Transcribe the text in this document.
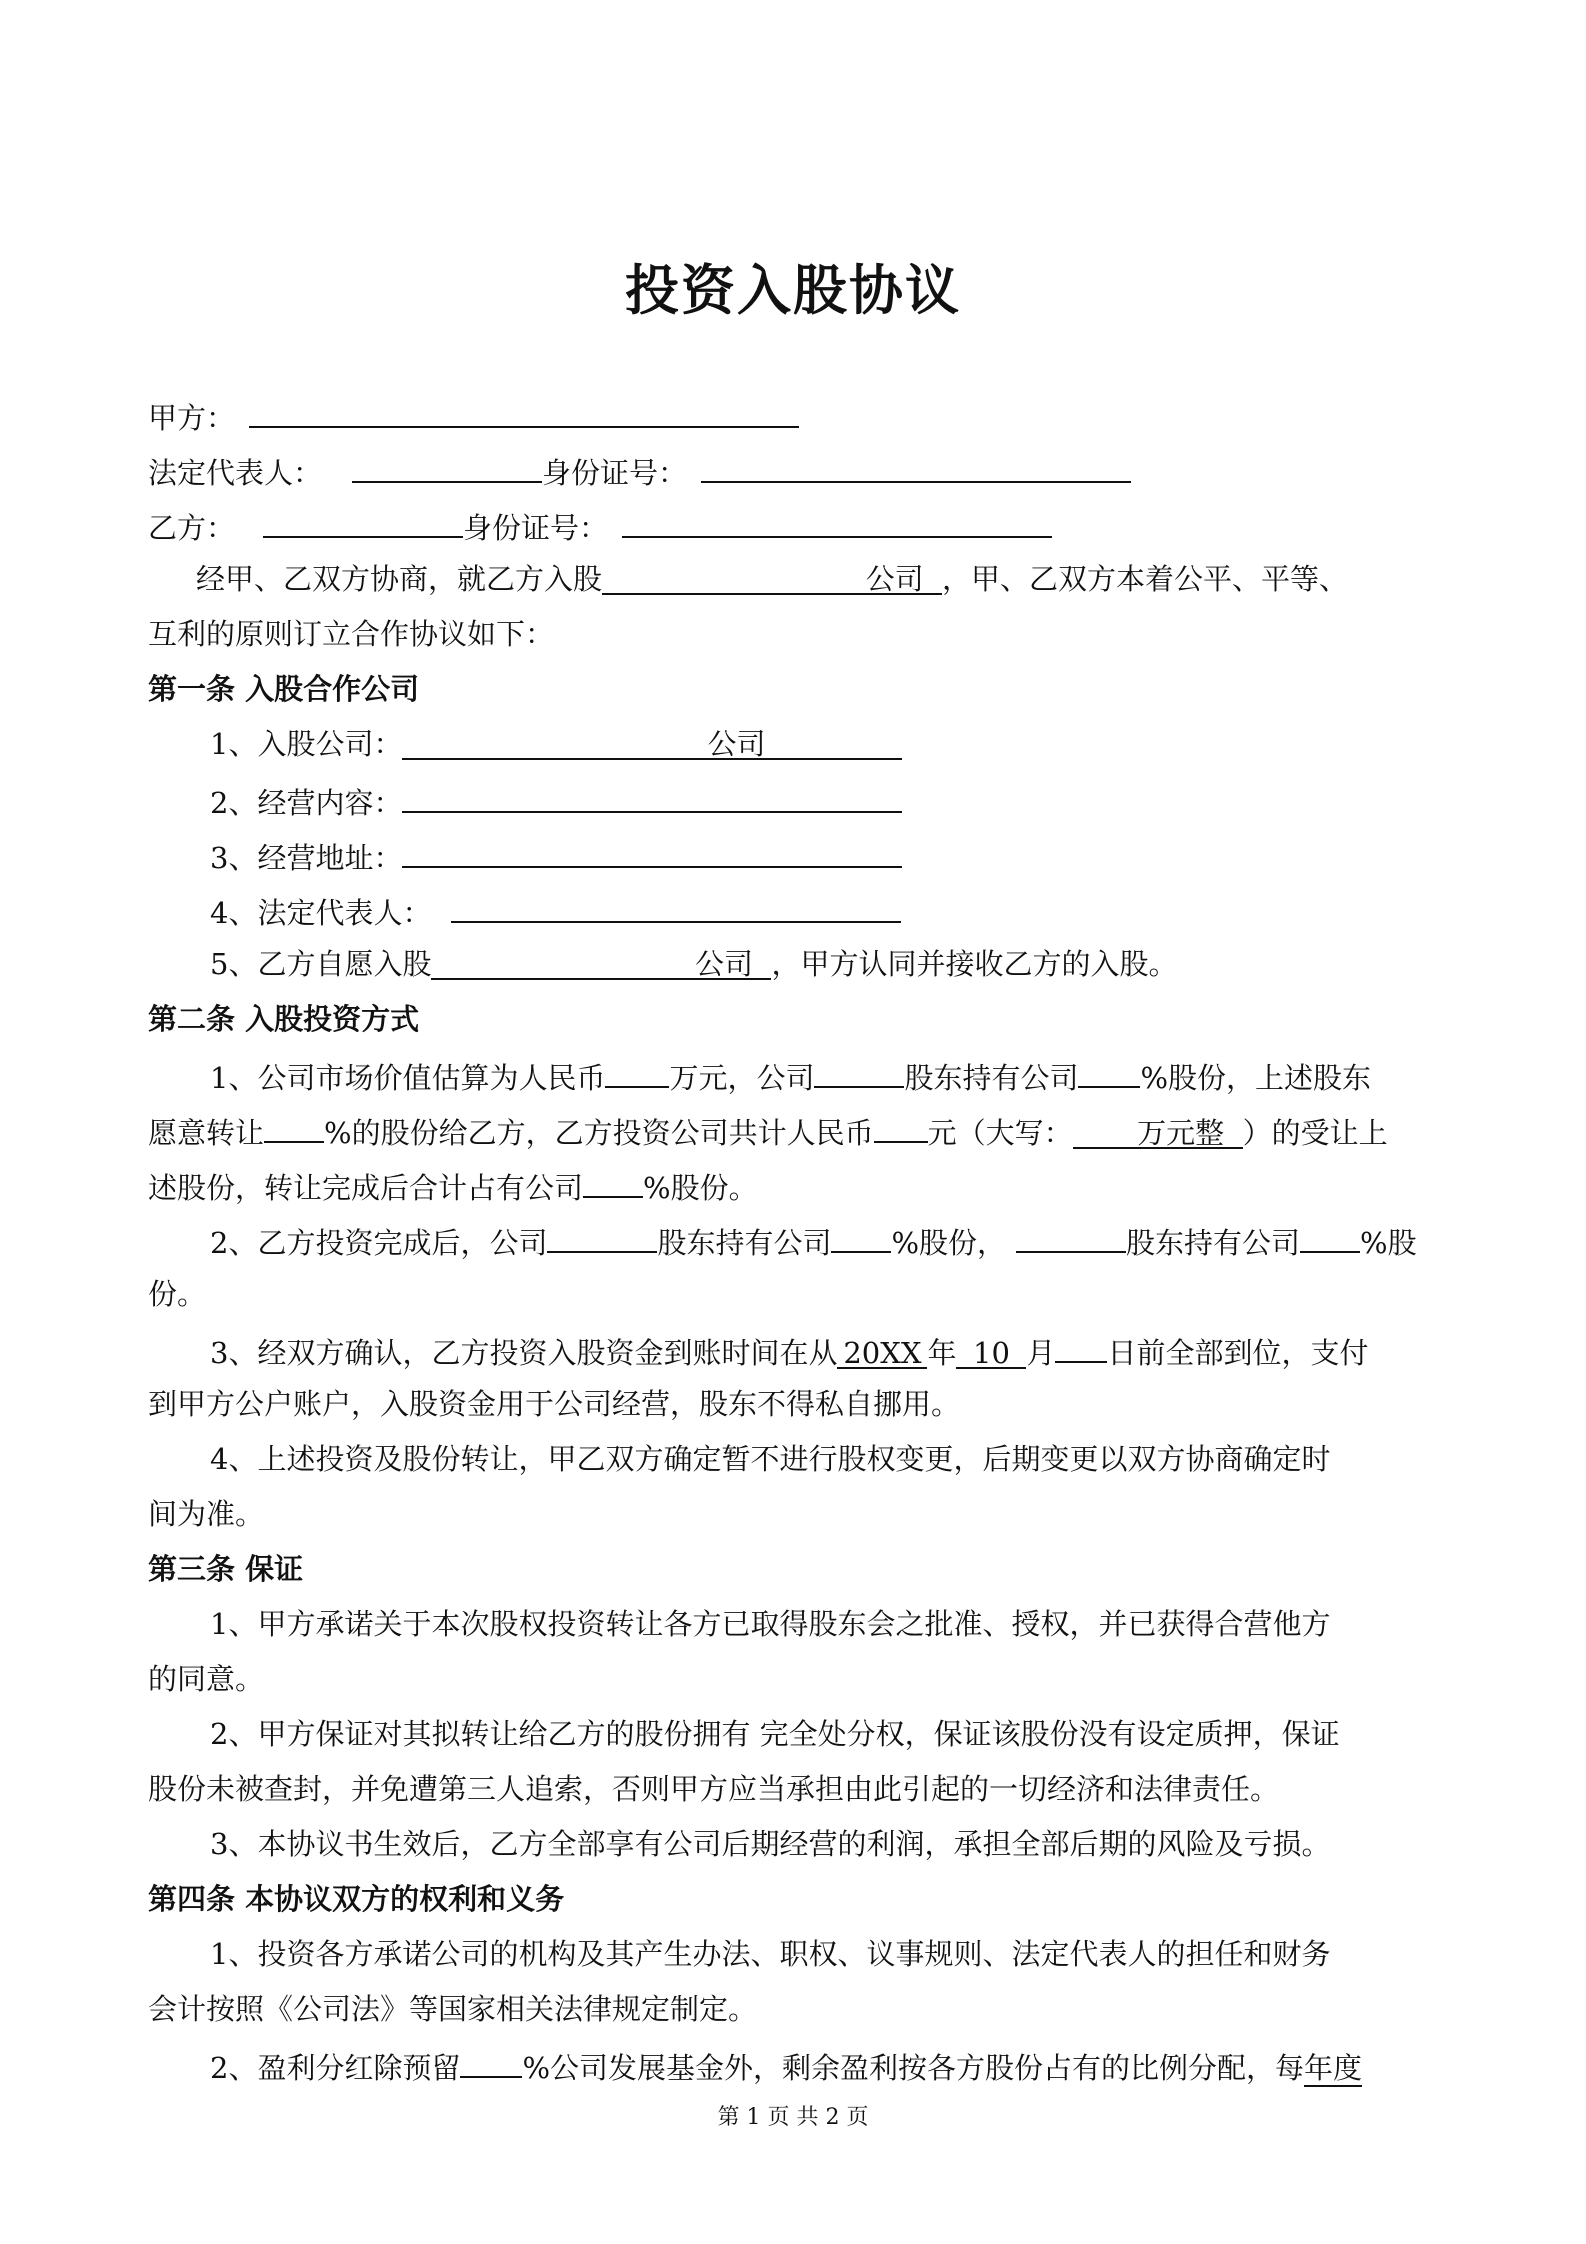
投资入股协议
甲方：
法定代表人：	身份证号：
乙方：	身份证号：
经甲、乙双方协商，就乙方入股	公司 ，甲、乙双方本着公平、平等、
互利的原则订立合作协议如下：
第一条 入股合作公司
1、入股公司：	公司
2、经营内容：
3、经营地址：
4、法定代表人：
5、乙方自愿入股	公司 ，甲方认同并接收乙方的入股。
第二条 入股投资方式
1、公司市场价值估算为人民币 万元，公司	股东持有公司 %股份，上述股东
愿意转让 %的股份给乙方，乙方投资公司共计人民币 元（大写： 万元整 ）的受让上
述股份，转让完成后合计占有公司 %股份。
2、乙方投资完成后，公司	股东持有公司 %股份，	股东持有公司 %股
份。
3、经双方确认，乙方投资入股资金到账时间在从 20XX 年 10 月 日前全部到位，支付
到甲方公户账户，入股资金用于公司经营，股东不得私自挪用。
4、上述投资及股份转让，甲乙双方确定暂不进行股权变更，后期变更以双方协商确定时
间为准。
第三条 保证
1、甲方承诺关于本次股权投资转让各方已取得股东会之批准、授权，并已获得合营他方
的同意。
2、甲方保证对其拟转让给乙方的股份拥有 完全处分权，保证该股份没有设定质押，保证
股份未被查封，并免遭第三人追索，否则甲方应当承担由此引起的一切经济和法律责任。
3、本协议书生效后，乙方全部享有公司后期经营的利润，承担全部后期的风险及亏损。
第四条 本协议双方的权利和义务
1、投资各方承诺公司的机构及其产生办法、职权、议事规则、法定代表人的担任和财务
会计按照《公司法》等国家相关法律规定制定。
2、盈利分红除预留 %公司发展基金外，剩余盈利按各方股份占有的比例分配，每年度
第 1 页 共 2 页
